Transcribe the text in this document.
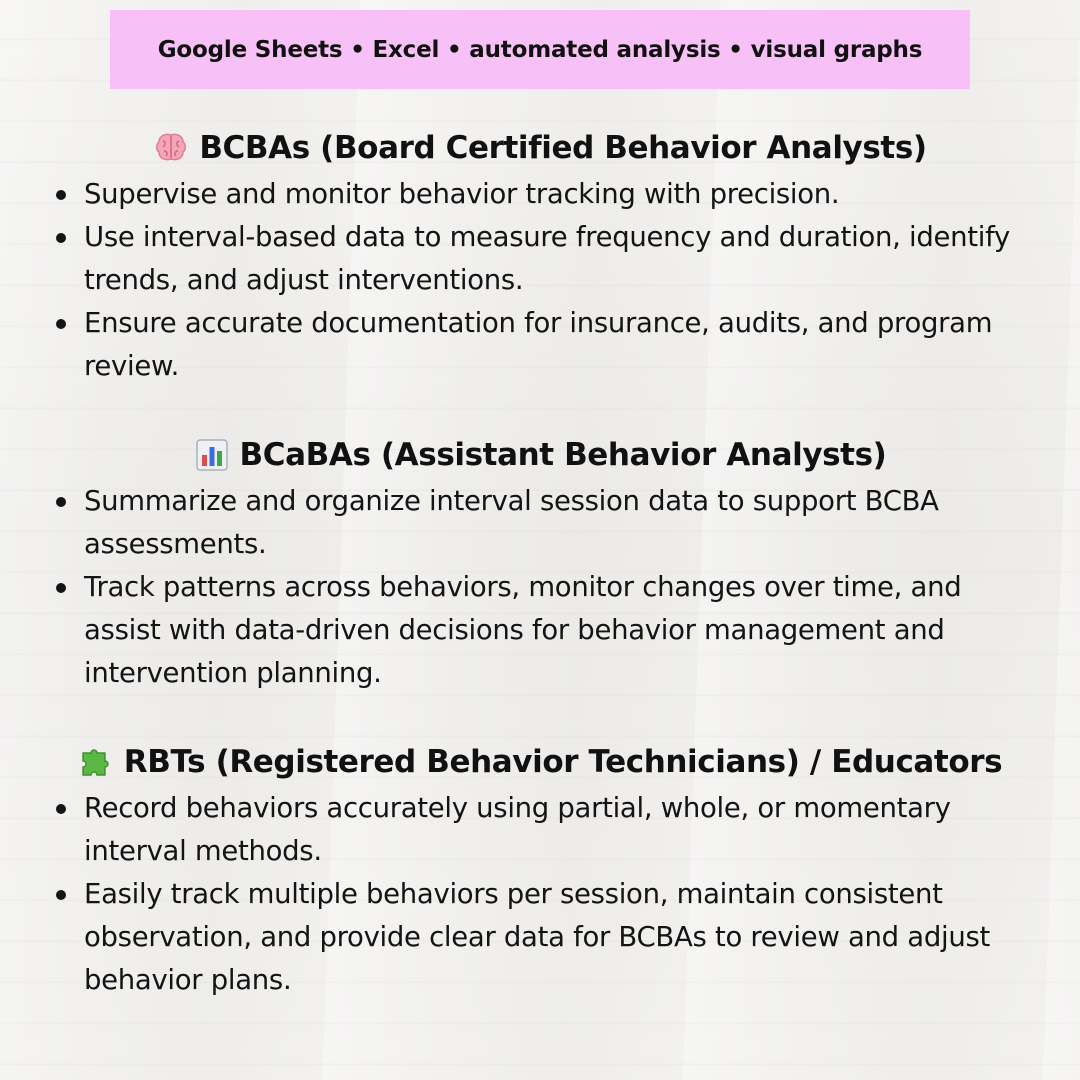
Google Sheets • Excel • automated analysis • visual graphs
BCBAs (Board Certified Behavior Analysts)
Supervise and monitor behavior tracking with precision.
Use interval-based data to measure frequency and duration, identify trends, and adjust interventions.
Ensure accurate documentation for insurance, audits, and program review.
BCaBAs (Assistant Behavior Analysts)
Summarize and organize interval session data to support BCBA assessments.
Track patterns across behaviors, monitor changes over time, and assist with data-driven decisions for behavior management and intervention planning.
RBTs (Registered Behavior Technicians) / Educators
Record behaviors accurately using partial, whole, or momentary interval methods.
Easily track multiple behaviors per session, maintain consistent observation, and provide clear data for BCBAs to review and adjust behavior plans.
